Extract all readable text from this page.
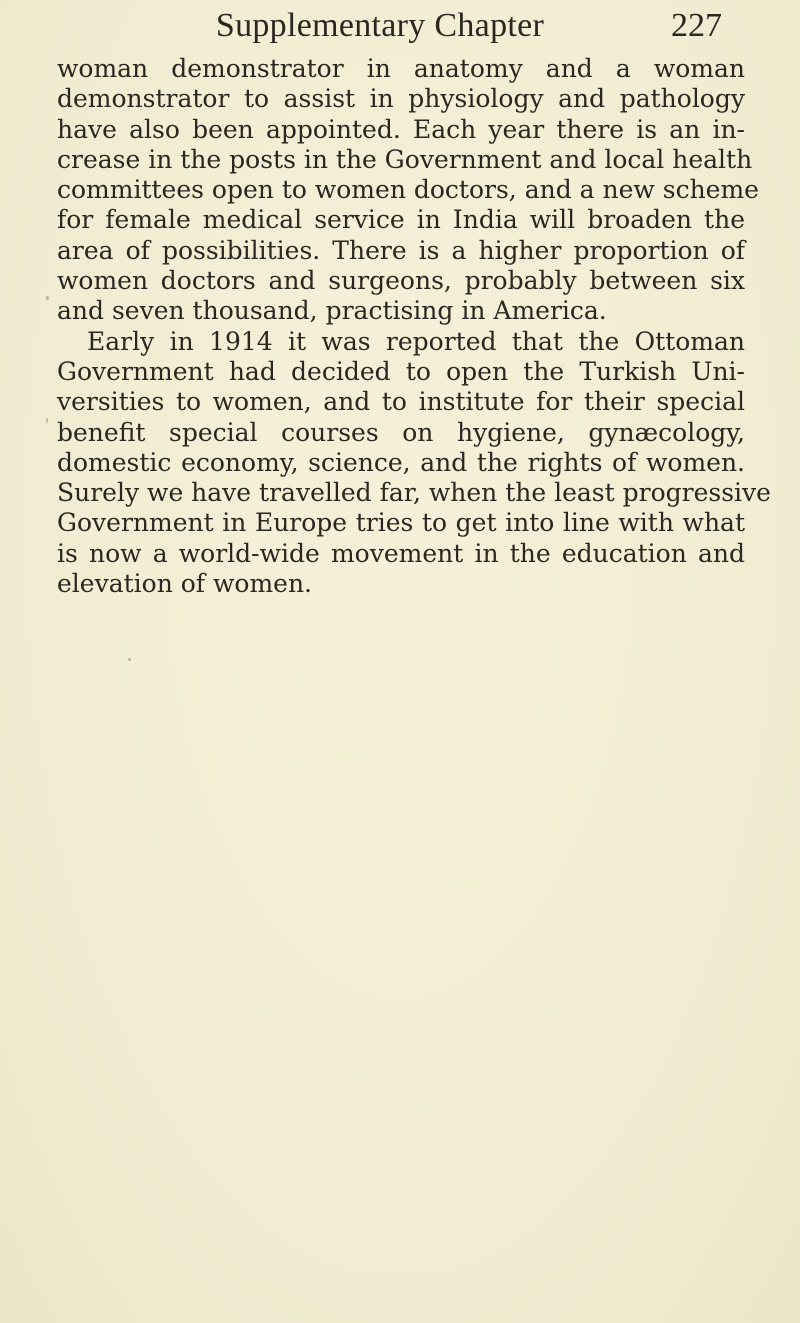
Supplementary Chapter	227
woman demonstrator in anatomy and a woman
demonstrator to assist in physiology and pathology
have also been appointed. Each year there is an in-
crease in the posts in the Government and local health
committees open to women doctors, and a new scheme
for female medical service in India will broaden the
area of possibilities. There is a higher proportion of
women doctors and surgeons, probably between six
and seven thousand, practising in America.
Early in 1914 it was reported that the Ottoman
Government had decided to open the Turkish Uni-
versities to women, and to institute for their special
benefit special courses on hygiene, gynæcology,
domestic economy, science, and the rights of women.
Surely we have travelled far, when the least progressive
Government in Europe tries to get into line with what
is now a world-wide movement in the education and
elevation of women.
